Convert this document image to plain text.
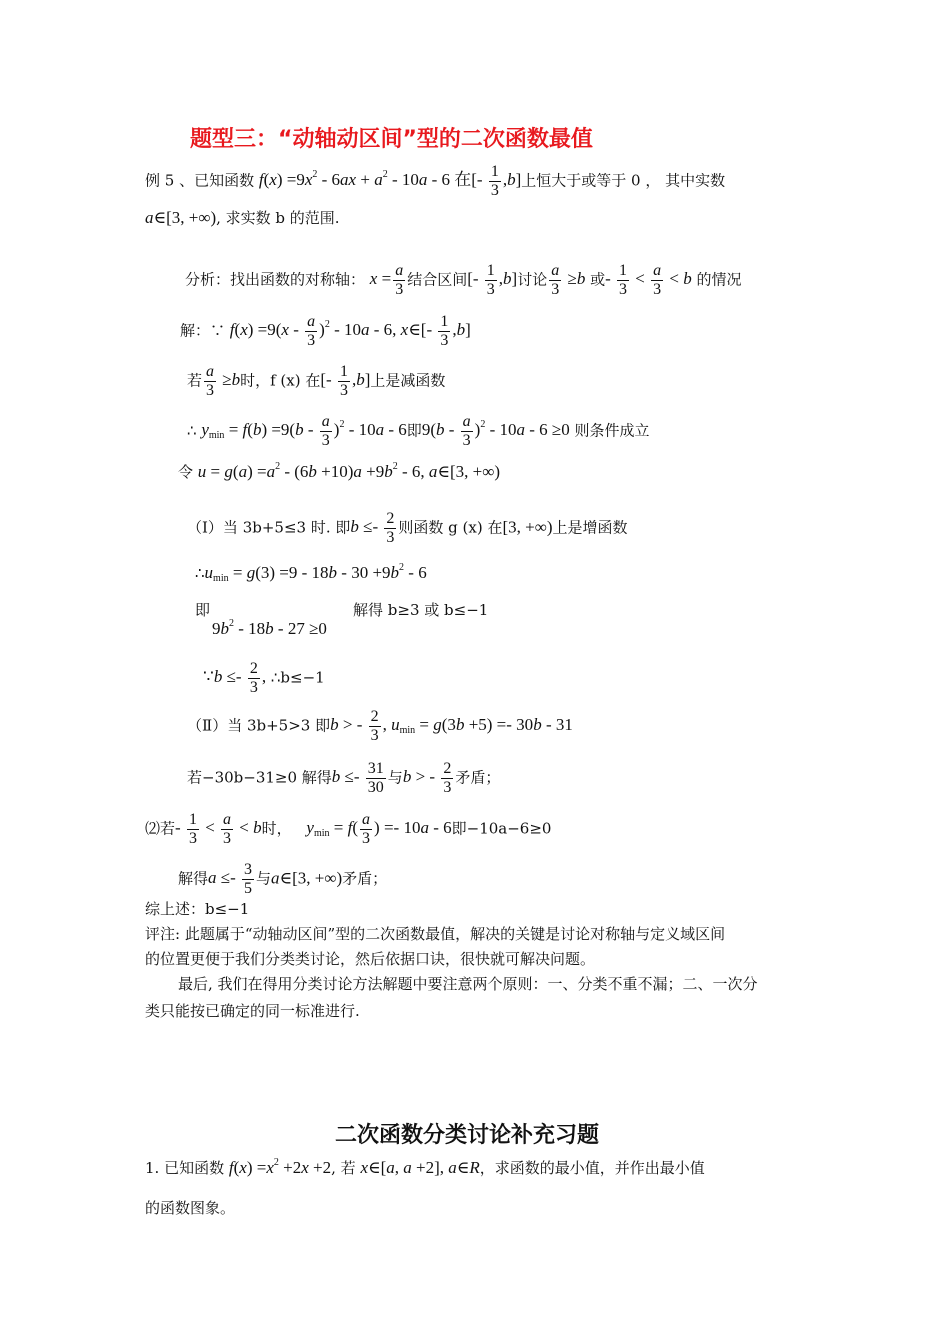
题型三：“动轴动区间”型的二次函数最值
例 5 、已知函数 $f(x) =9x^2 - 6ax + a^2 - 10a - 6$ 在[- $\frac{1}{3} ,b$]上恒大于或等于 0 ， 其中实数
a∈[3, +∞), 求实数 b 的范围.
分析：找出函数的对称轴： $x = \frac{a}{3}$ 结合区间[- $\frac{1}{3} ,b$]讨论 $\frac{a}{3} \ge b$ 或- $\frac{1}{3} < \frac{a}{3} < b$ 的情况
解：∵ $f(x) =9(x - \frac{a}{3} )^2 - 10a - 6$, x∈[- $\frac{1}{3} ,b$]
若 $\frac{a}{3} \ge b$时，f (x) 在[- $\frac{1}{3} ,b$]上是减函数
∴ $y_{min} = f(b) =9(b - \frac{a}{3} )^2 - 10a - 6$即$9(b - \frac{a}{3} )^2 - 10a - 6 \ge 0$ 则条件成立
令 $u = g(a) =a^2 - (6b +10)a +9b^2 - 6$, a∈[3, +∞)
（Ⅰ）当 3b+5≤3 时. 即$b \le- \frac{2}{3}$ 则函数 g (x) 在[3, +∞)上是增函数
$\therefore u_{min} = g(3) =9 - 18b - 30 +9b^2 - 6$
即	解得 b≥3 或 b≤−1
$9b^2 - 18b - 27 \ge 0$
∵b ≤- $\frac{2}{3}$ , ∴b≤−1
（Ⅱ）当 3b+5>3 即b > - $\frac{2}{3}$ , $u_{min} = g(3b +5) =- 30b - 31$
若−30b−31≥0 解得$b \le- \frac{31}{30}$ 与b > - $\frac{2}{3}$ 矛盾；
⑵若- $\frac{1}{3} < \frac{a}{3} < b$时， $y_{min} = f( \frac{a}{3}$ ) =- 10a - 6即−10a−6≥0
解得$a \le- \frac{3}{5}$ 与a∈[3, +∞)矛盾；
综上述：b≤−1
评注: 此题属于“动轴动区间”型的二次函数最值，解决的关键是讨论对称轴与定义域区间
的位置更便于我们分类类讨论，然后依据口诀，很快就可解决问题。
最后, 我们在得用分类讨论方法解题中要注意两个原则：一、分类不重不漏；二、一次分
类只能按已确定的同一标准进行.
二次函数分类讨论补充习题
1. 已知函数 $f(x) =x^2 +2x +2$, 若 x∈[a, a +2], a∈R，求函数的最小值，并作出最小值
的函数图象。
